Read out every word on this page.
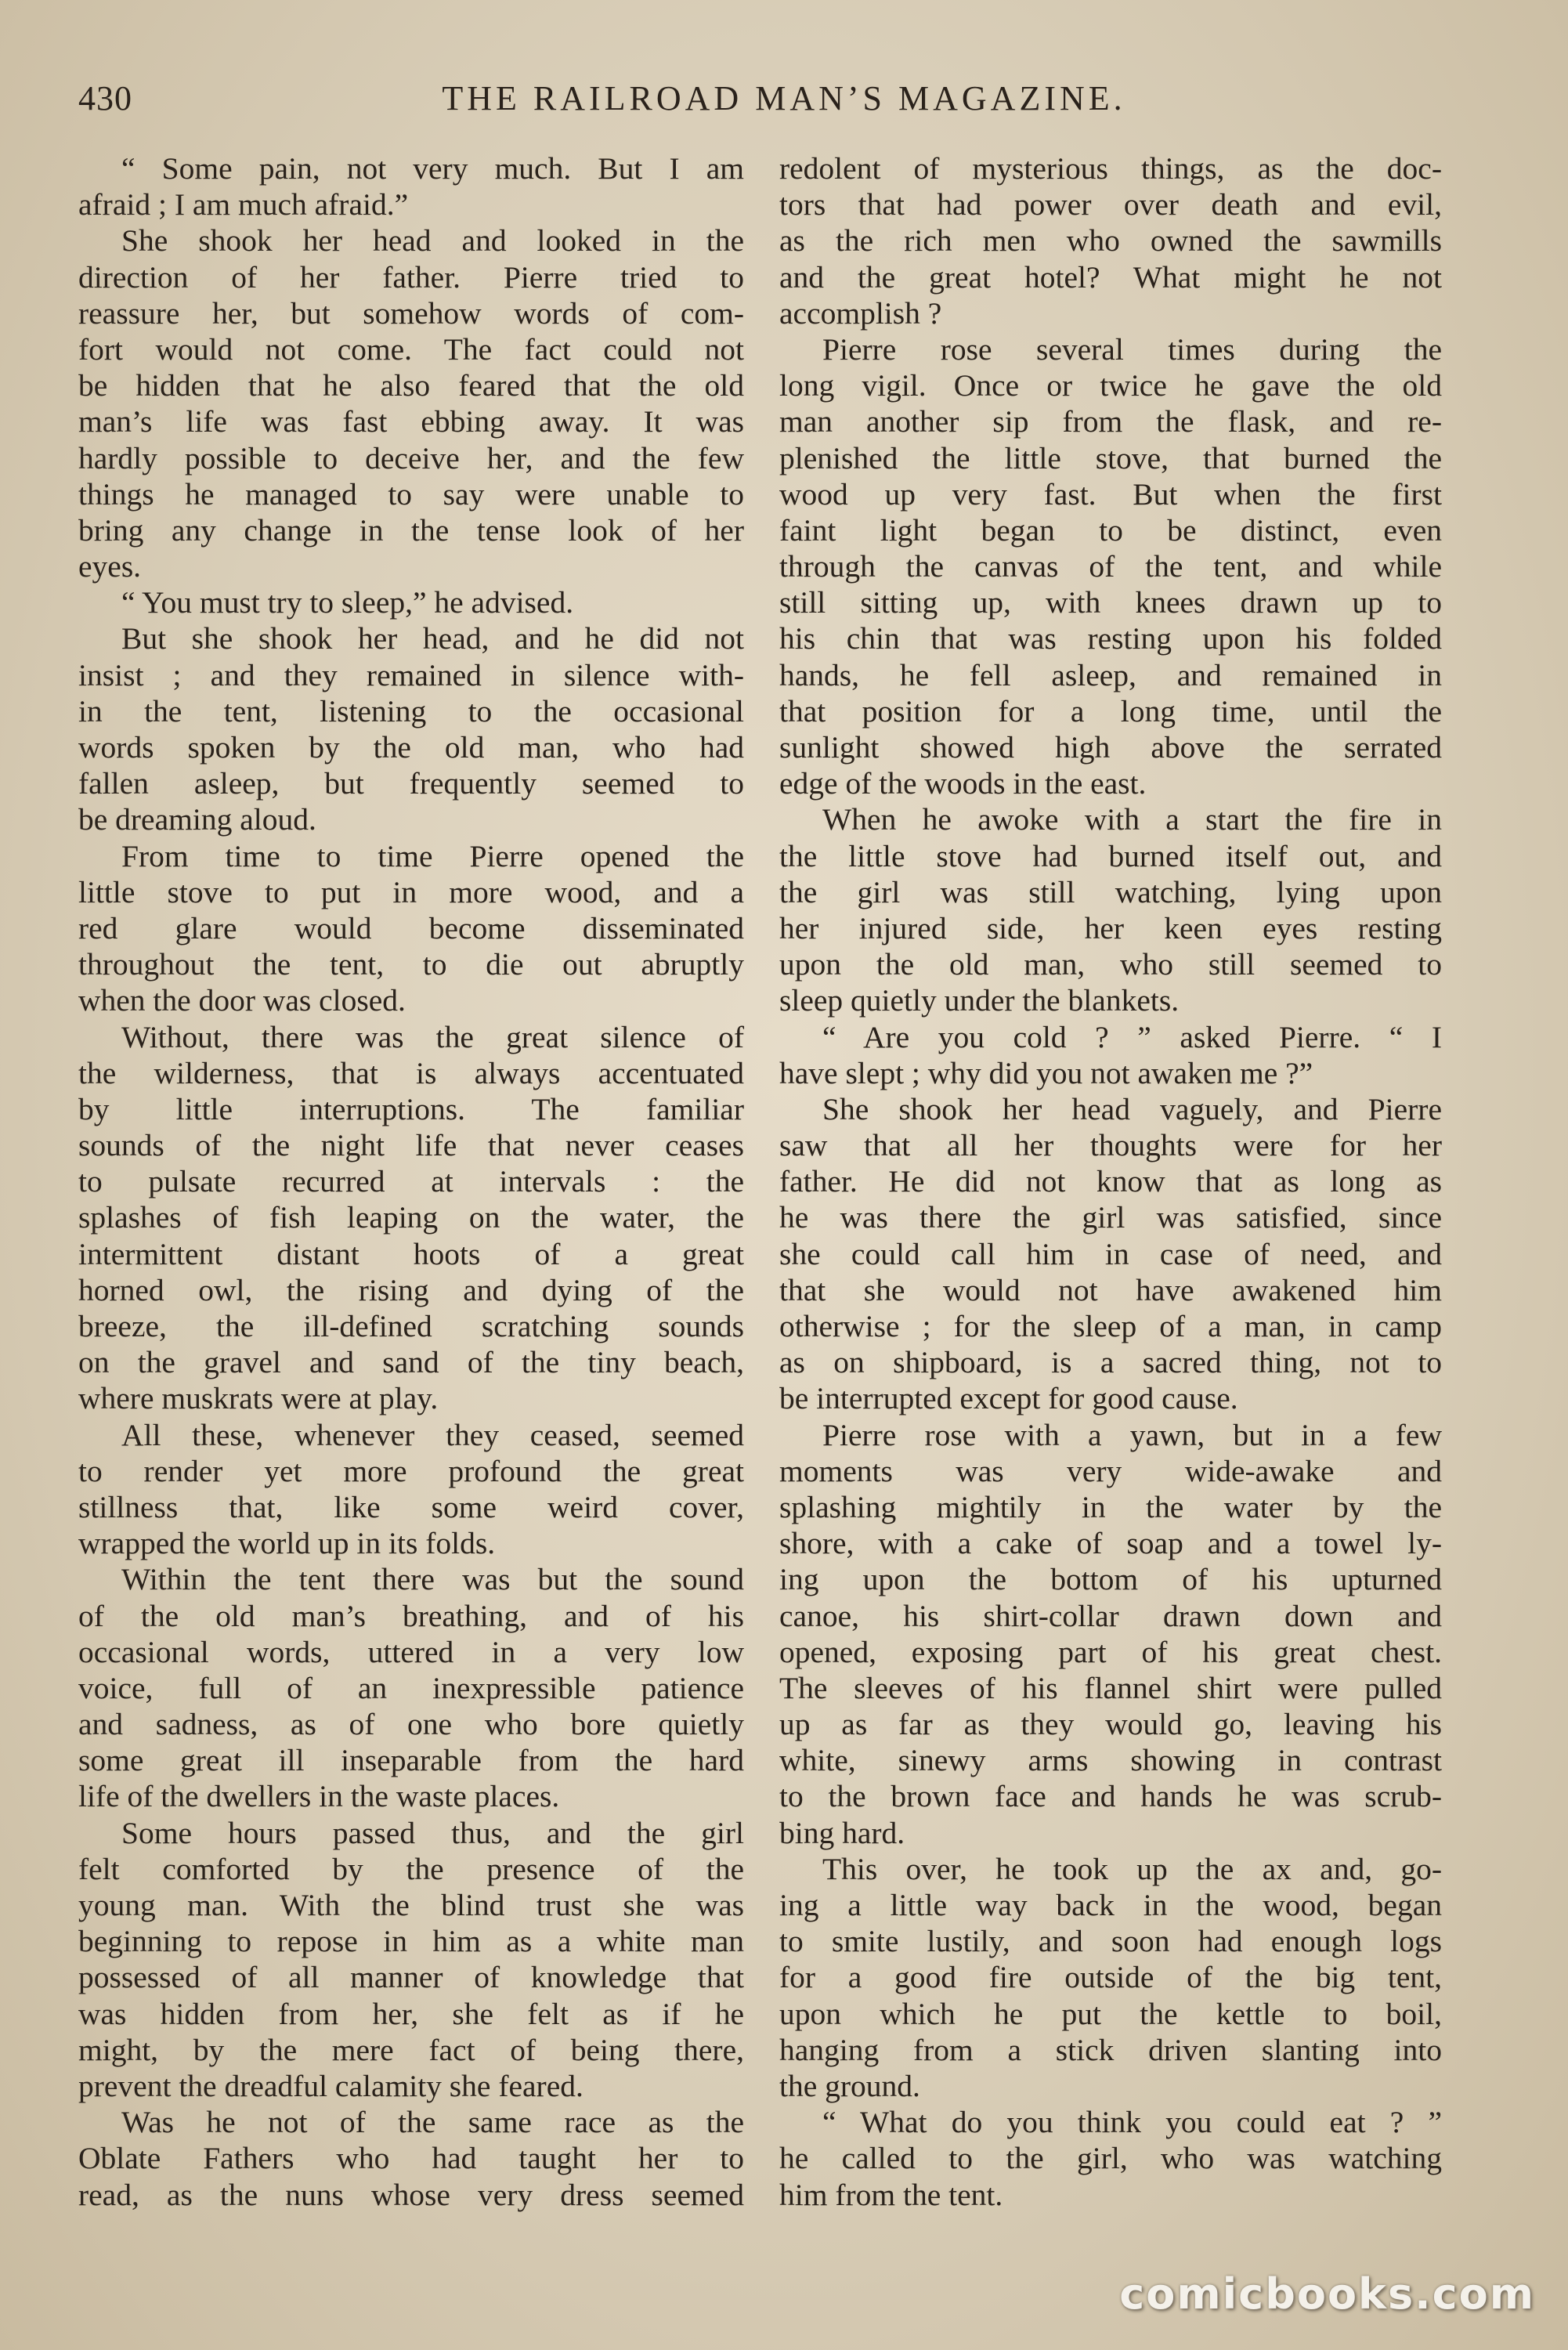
430	THE RAILROAD MAN’S MAGAZINE.
“ Some pain, not very much. But I am
afraid ; I am much afraid.”
She shook her head and looked in the
direction of her father. Pierre tried to
reassure her, but somehow words of com-
fort would not come. The fact could not
be hidden that he also feared that the old
man’s life was fast ebbing away. It was
hardly possible to deceive her, and the few
things he managed to say were unable to
bring any change in the tense look of her
eyes.
“ You must try to sleep,” he advised.
But she shook her head, and he did not
insist ; and they remained in silence with-
in the tent, listening to the occasional
words spoken by the old man, who had
fallen asleep, but frequently seemed to
be dreaming aloud.
From time to time Pierre opened the
little stove to put in more wood, and a
red glare would become disseminated
throughout the tent, to die out abruptly
when the door was closed.
Without, there was the great silence of
the wilderness, that is always accentuated
by little interruptions. The familiar
sounds of the night life that never ceases
to pulsate recurred at intervals : the
splashes of fish leaping on the water, the
intermittent distant hoots of a great
horned owl, the rising and dying of the
breeze, the ill-defined scratching sounds
on the gravel and sand of the tiny beach,
where muskrats were at play.
All these, whenever they ceased, seemed
to render yet more profound the great
stillness that, like some weird cover,
wrapped the world up in its folds.
Within the tent there was but the sound
of the old man’s breathing, and of his
occasional words, uttered in a very low
voice, full of an inexpressible patience
and sadness, as of one who bore quietly
some great ill inseparable from the hard
life of the dwellers in the waste places.
Some hours passed thus, and the girl
felt comforted by the presence of the
young man. With the blind trust she was
beginning to repose in him as a white man
possessed of all manner of knowledge that
was hidden from her, she felt as if he
might, by the mere fact of being there,
prevent the dreadful calamity she feared.
Was he not of the same race as the
Oblate Fathers who had taught her to
read, as the nuns whose very dress seemed
redolent of mysterious things, as the doc-
tors that had power over death and evil,
as the rich men who owned the sawmills
and the great hotel? What might he not
accomplish ?
Pierre rose several times during the
long vigil. Once or twice he gave the old
man another sip from the flask, and re-
plenished the little stove, that burned the
wood up very fast. But when the first
faint light began to be distinct, even
through the canvas of the tent, and while
still sitting up, with knees drawn up to
his chin that was resting upon his folded
hands, he fell asleep, and remained in
that position for a long time, until the
sunlight showed high above the serrated
edge of the woods in the east.
When he awoke with a start the fire in
the little stove had burned itself out, and
the girl was still watching, lying upon
her injured side, her keen eyes resting
upon the old man, who still seemed to
sleep quietly under the blankets.
“ Are you cold ? ” asked Pierre. “ I
have slept ; why did you not awaken me ?”
She shook her head vaguely, and Pierre
saw that all her thoughts were for her
father. He did not know that as long as
he was there the girl was satisfied, since
she could call him in case of need, and
that she would not have awakened him
otherwise ; for the sleep of a man, in camp
as on shipboard, is a sacred thing, not to
be interrupted except for good cause.
Pierre rose with a yawn, but in a few
moments was very wide-awake and
splashing mightily in the water by the
shore, with a cake of soap and a towel ly-
ing upon the bottom of his upturned
canoe, his shirt-collar drawn down and
opened, exposing part of his great chest.
The sleeves of his flannel shirt were pulled
up as far as they would go, leaving his
white, sinewy arms showing in contrast
to the brown face and hands he was scrub-
bing hard.
This over, he took up the ax and, go-
ing a little way back in the wood, began
to smite lustily, and soon had enough logs
for a good fire outside of the big tent,
upon which he put the kettle to boil,
hanging from a stick driven slanting into
the ground.
“ What do you think you could eat ? ”
he called to the girl, who was watching
him from the tent.
comicbooks.com
